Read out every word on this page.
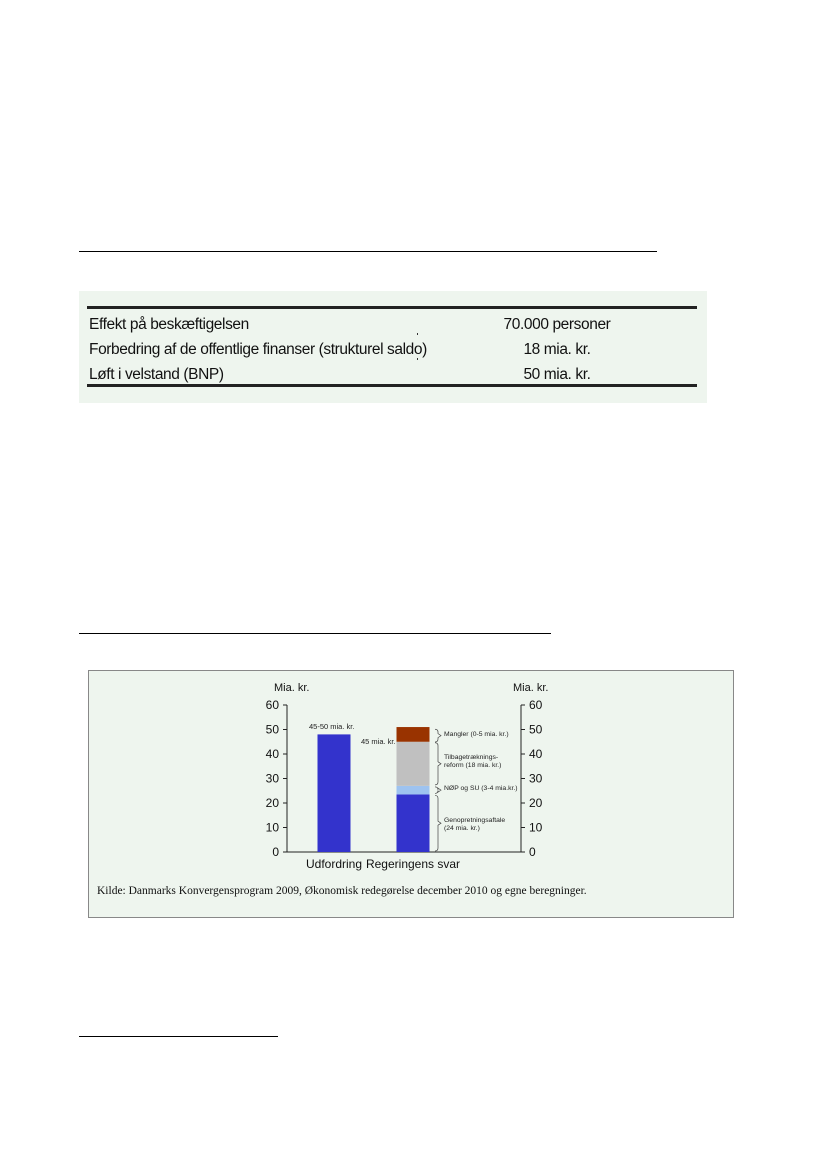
Effekt på beskæftigelsen	70.000 personer
Forbedring af de offentlige finanser (strukturel saldo)	18 mia. kr.
Løft i velstand (BNP)	50 mia. kr.
Mia. kr.	Mia. kr.
0	0
10	10
20	20
30	30
40	40
50	50
60	60
Udfordring Regeringens svar
45-50 mia. kr.
45 mia. kr.
Mangler (0-5 mia. kr.)
Tilbagetræknings-
reform (18 mia. kr.)
NØP og SU (3-4 mia.kr.)
Genopretningsaftale
(24 mia. kr.)
Kilde: Danmarks Konvergensprogram 2009, Økonomisk redegørelse december 2010 og egne beregninger.
